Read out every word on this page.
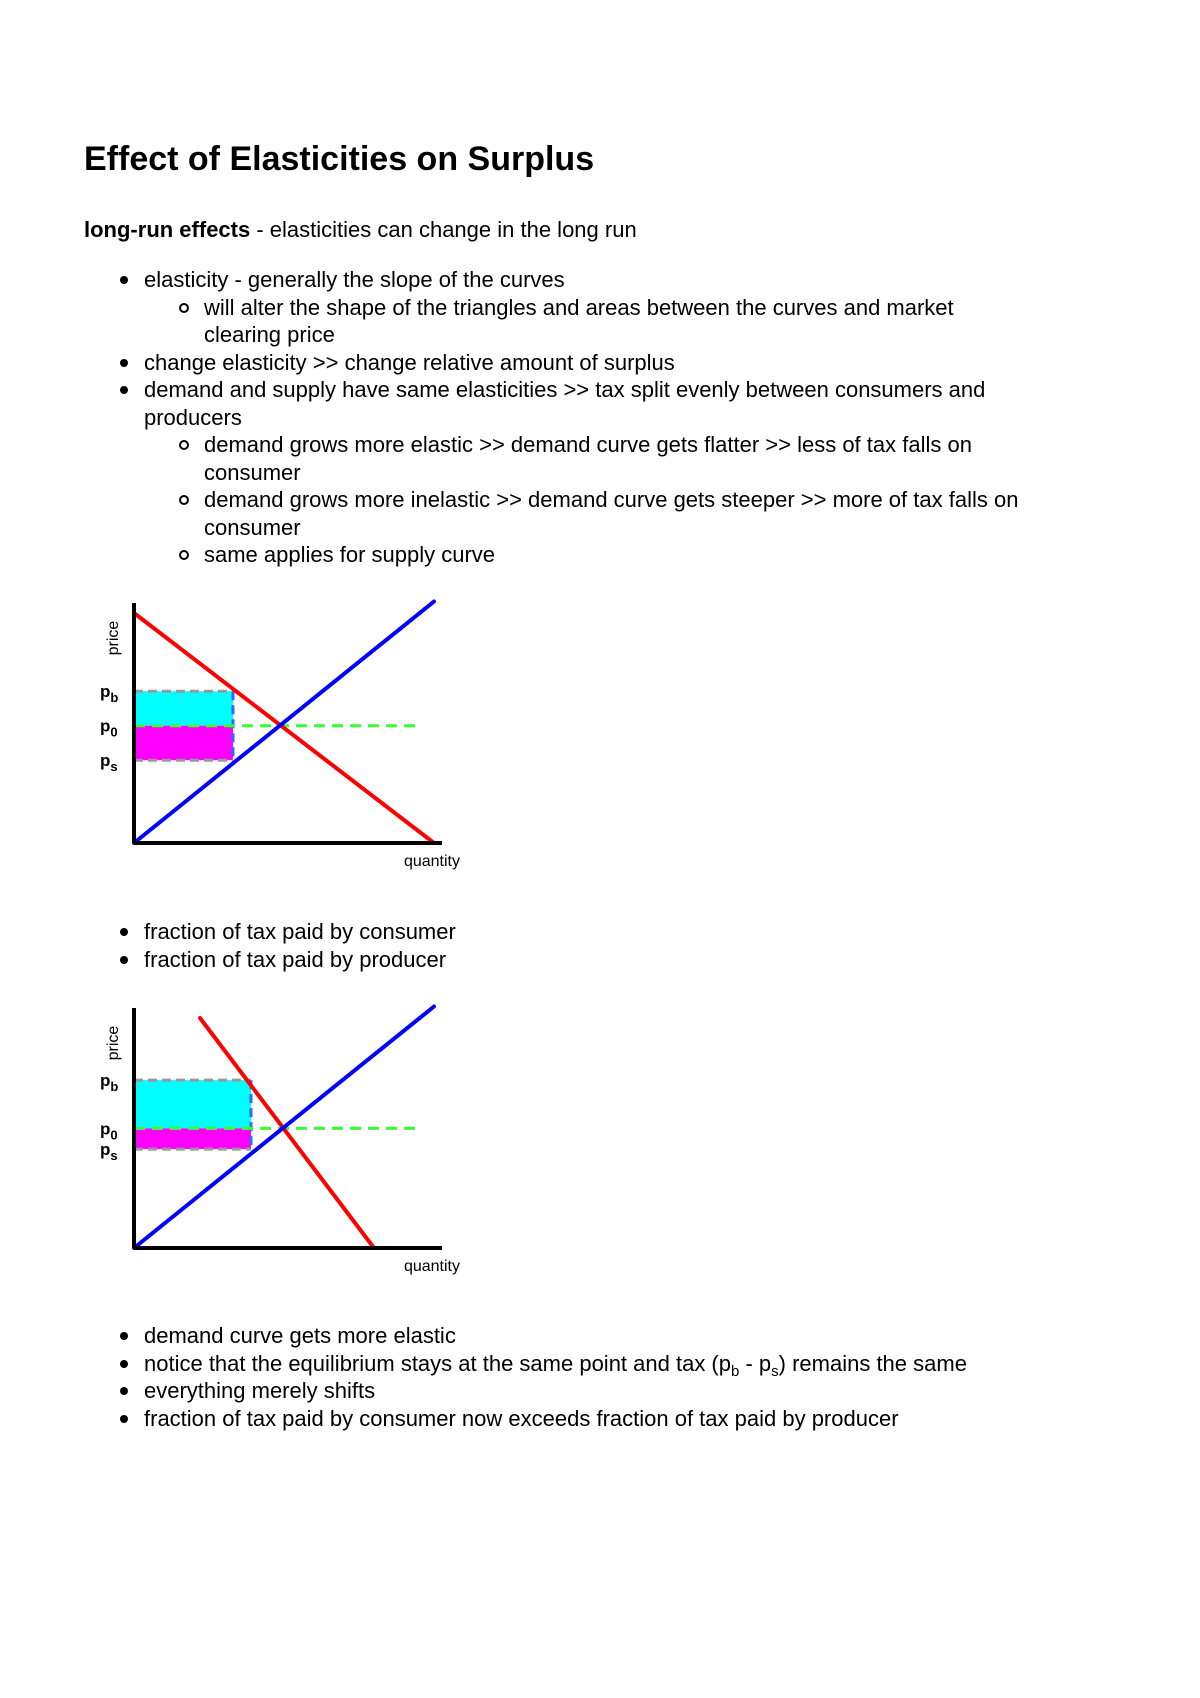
Effect of Elasticities on Surplus

long-run effects - elasticities can change in the long run

elasticity - generally the slope of the curves
will alter the shape of the triangles and areas between the curves and market
clearing price
change elasticity >> change relative amount of surplus
demand and supply have same elasticities >> tax split evenly between consumers and
producers
demand grows more elastic >> demand curve gets flatter >> less of tax falls on
consumer
demand grows more inelastic >> demand curve gets steeper >> more of tax falls on
consumer
same applies for supply curve
quantity
price
$p_b$
$p_0$
$p_s$
fraction of tax paid by consumer
fraction of tax paid by producer
quantity
price
$p_b$
$p_0$
$p_s$
demand curve gets more elastic
notice that the equilibrium stays at the same point and tax $(p_b - p_s)$ remains the same
everything merely shifts
fraction of tax paid by consumer now exceeds fraction of tax paid by producer
